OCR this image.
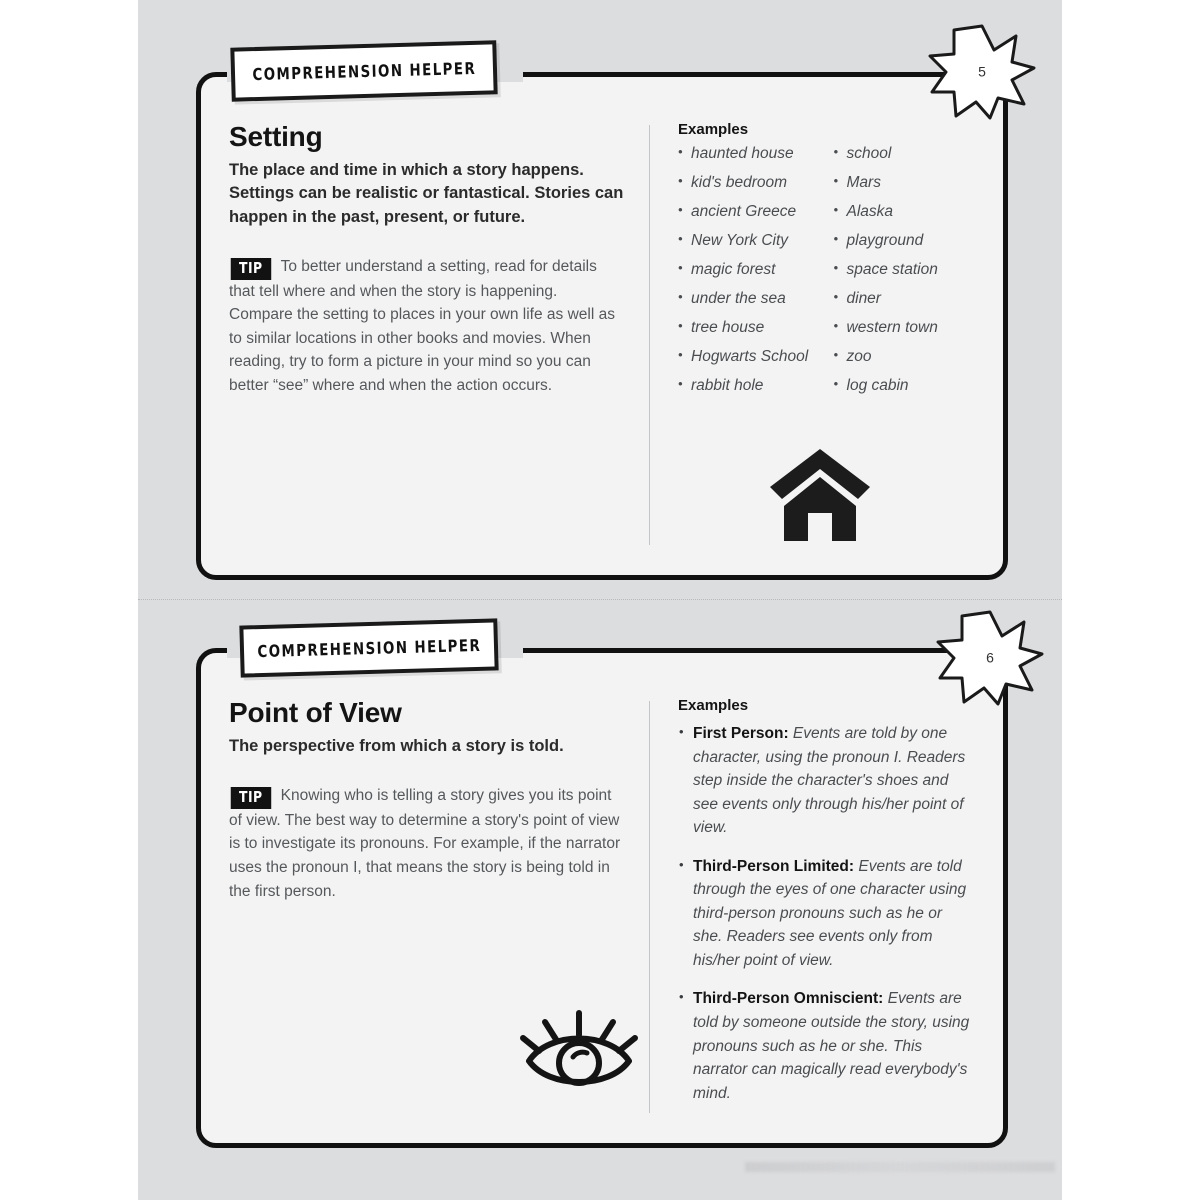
Setting

The place and time in which a story happens. Settings can be realistic or fantastical. Stories can happen in the past, present, or future.

TIP To better understand a setting, read for details that tell where and when the story is happening. Compare the setting to places in your own life as well as to similar locations in other books and movies. When reading, try to form a picture in your mind so you can better “see” where and when the action occurs.

Examples

• haunted house
• kid's bedroom
• ancient Greece
• New York City
• magic forest
• under the sea
• tree house
• Hogwarts School
• rabbit hole
• school
• Mars
• Alaska
• playground
• space station
• diner
• western town
• zoo
• log cabin
COMPREHENSION HELPER	5
Point of View

The perspective from which a story is told.

TIP Knowing who is telling a story gives you its point of view. The best way to determine a story's point of view is to investigate its pronouns. For example, if the narrator uses the pronoun I, that means the story is being told in the first person.

Examples

• First Person: Events are told by one character, using the pronoun I. Readers step inside the character's shoes and see events only through his/her point of view.
• Third-Person Limited: Events are told through the eyes of one character using third-person pronouns such as he or she. Readers see events only from his/her point of view.
• Third-Person Omniscient: Events are told by someone outside the story, using pronouns such as he or she. This narrator can magically read everybody's mind.
COMPREHENSION HELPER	6
